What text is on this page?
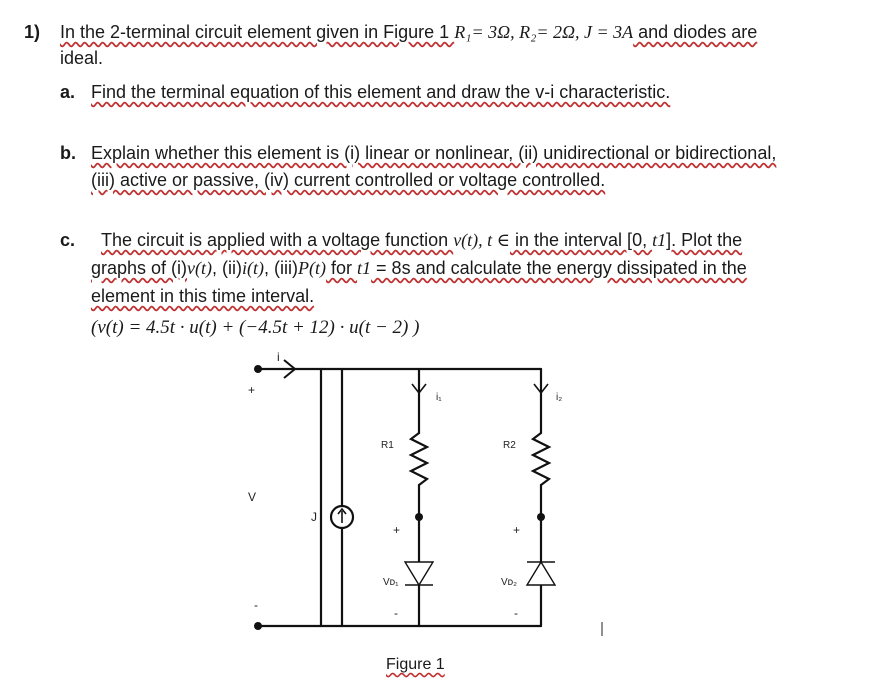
1) In the 2-terminal circuit element given in Figure 1 R₁= 3Ω, R₂= 2Ω, J = 3A and diodes are
ideal.
a. Find the terminal equation of this element and draw the v-i characteristic.
b. Explain whether this element is (i) linear or nonlinear, (ii) unidirectional or bidirectional,
(iii) active or passive, (iv) current controlled or voltage controlled.
c. The circuit is applied with a voltage function v(t), t ∈ in the interval [0, t1]. Plot the
graphs of (i)v(t), (ii)i(t), (iii)P(t) for t1 = 8s and calculate the energy dissipated in the
element in this time interval.
(v(t) = 4.5t · u(t) + (−4.5t + 12) · u(t − 2) )
i
+
V
-
J
i₁	i₂
R1	R2
+	+
Vᴅ₁	Vᴅ₂
-	-
Figure 1
